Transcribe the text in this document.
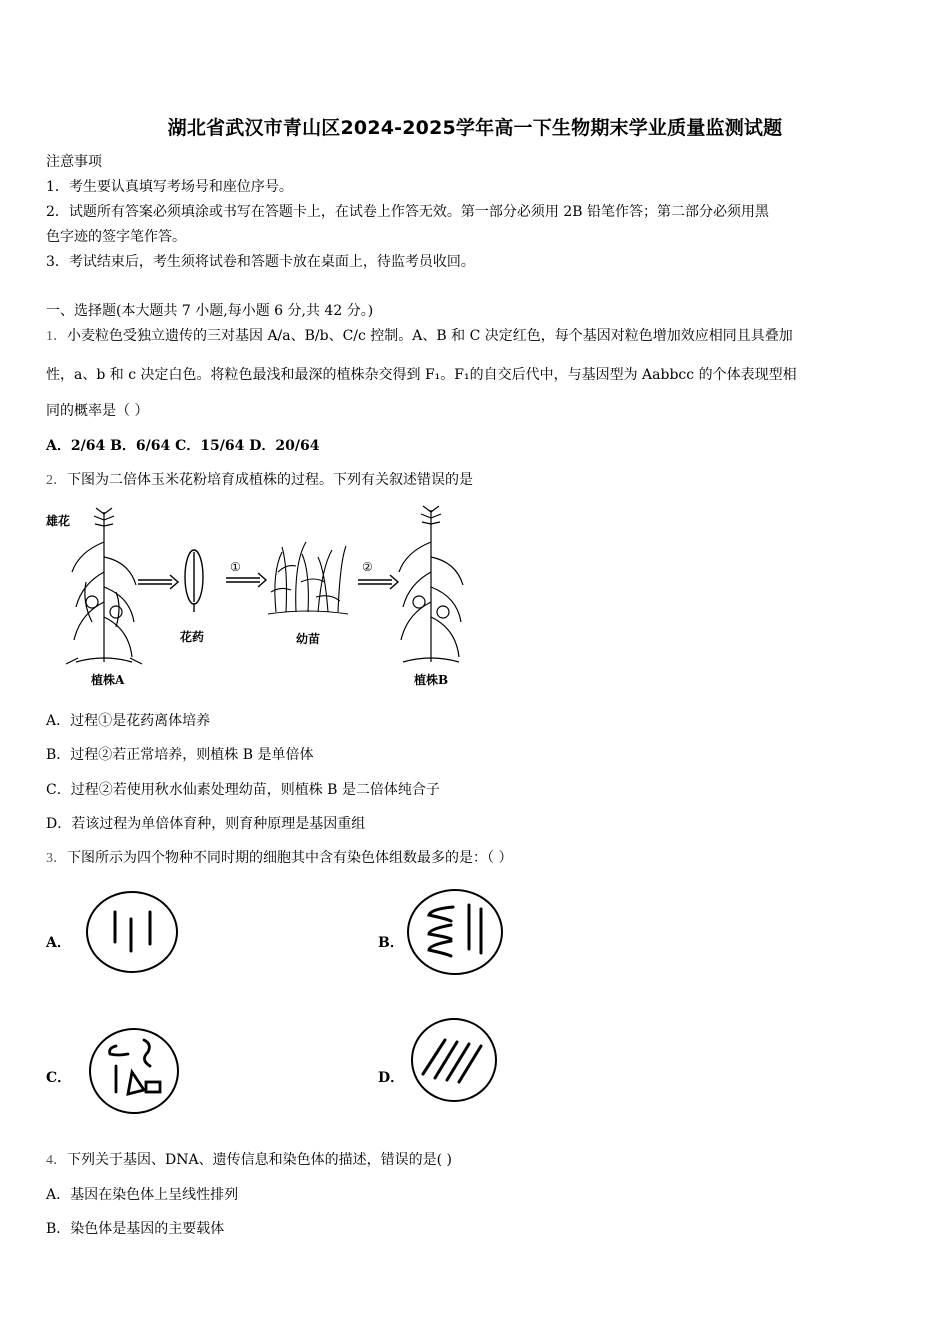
湖北省武汉市青山区2024-2025学年高一下生物期末学业质量监测试题
注意事项
1．考生要认真填写考场号和座位序号。
2．试题所有答案必须填涂或书写在答题卡上，在试卷上作答无效。第一部分必须用 2B 铅笔作答；第二部分必须用黑
色字迹的签字笔作答。
3．考试结束后，考生须将试卷和答题卡放在桌面上，待监考员收回。
一、选择题(本大题共 7 小题,每小题 6 分,共 42 分。)
1．小麦粒色受独立遗传的三对基因 A/a、B/b、C/c 控制。A、B 和 C 决定红色，每个基因对粒色增加效应相同且具叠加
性，a、b 和 c 决定白色。将粒色最浅和最深的植株杂交得到 F₁。F₁的自交后代中，与基因型为 Aabbcc 的个体表现型相
同的概率是（ ）
A．2/64 B．6/64 C．15/64 D．20/64
2．下图为二倍体玉米花粉培育成植株的过程。下列有关叙述错误的是
雄花
①	②
花药	幼苗
植株A	植株B
A．过程①是花药离体培养
B．过程②若正常培养，则植株 B 是单倍体
C．过程②若使用秋水仙素处理幼苗，则植株 B 是二倍体纯合子
D．若该过程为单倍体育种，则育种原理是基因重组
3．下图所示为四个物种不同时期的细胞其中含有染色体组数最多的是：（ ）
A．	B．
C．	D．
4．下列关于基因、DNA、遗传信息和染色体的描述，错误的是( )
A．基因在染色体上呈线性排列
B．染色体是基因的主要载体
